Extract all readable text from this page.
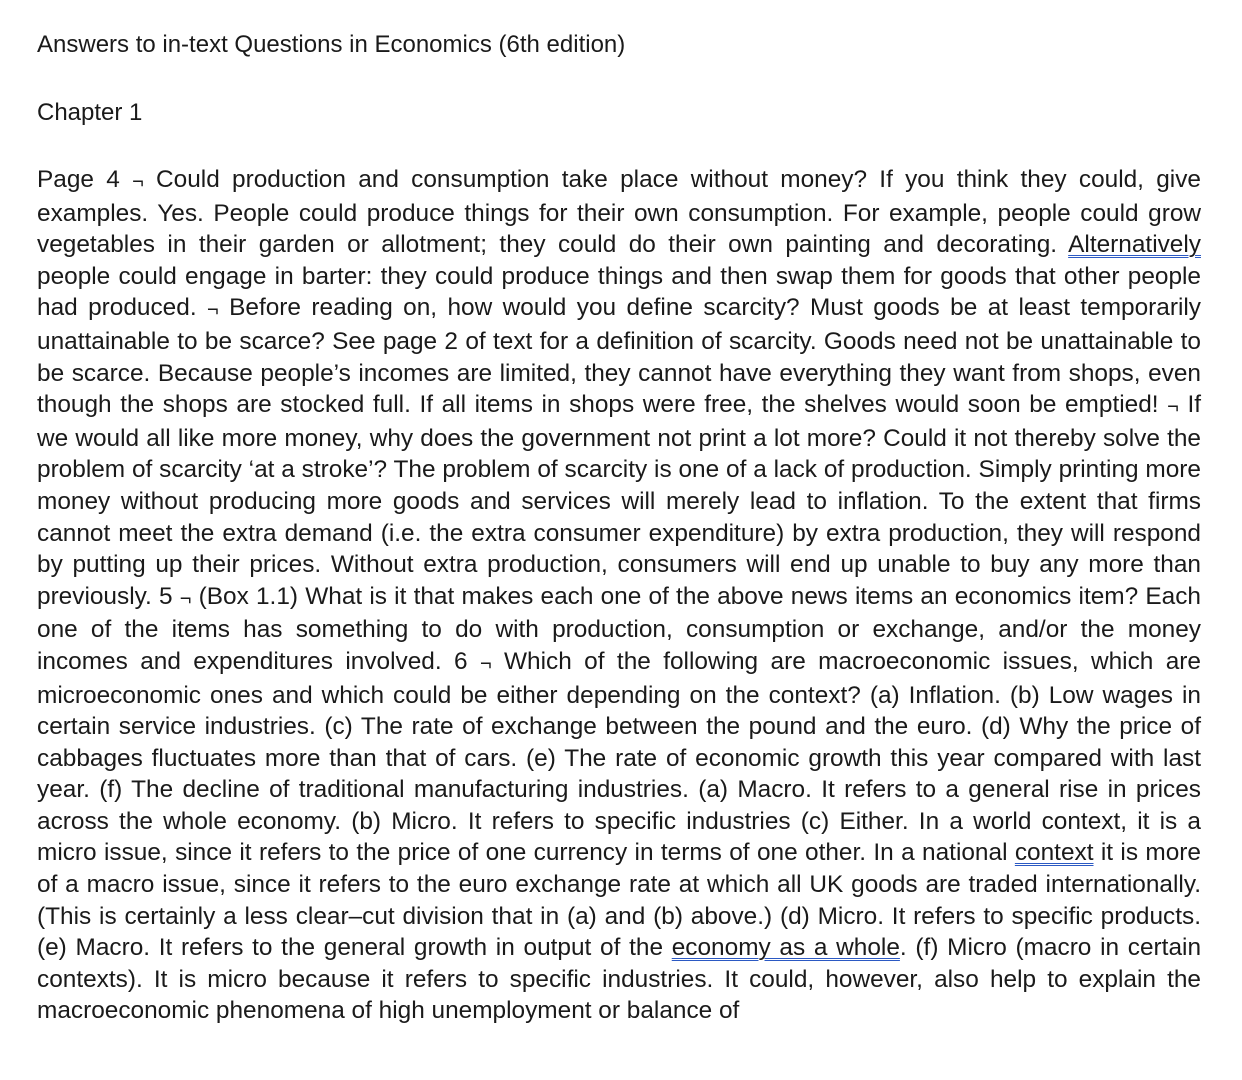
Answers to in-text Questions in Economics (6th edition)

Chapter 1

Page 4 ¬ Could production and consumption take place without money? If you think they could, give examples. Yes. People could produce things for their own consumption. For example, people could grow vegetables in their garden or allotment; they could do their own painting and decorating. Alternatively people could engage in barter: they could produce things and then swap them for goods that other people had produced. ¬ Before reading on, how would you define scarcity? Must goods be at least temporarily unattainable to be scarce? See page 2 of text for a definition of scarcity. Goods need not be unattainable to be scarce. Because people’s incomes are limited, they cannot have everything they want from shops, even though the shops are stocked full. If all items in shops were free, the shelves would soon be emptied! ¬ If we would all like more money, why does the government not print a lot more? Could it not thereby solve the problem of scarcity ‘at a stroke’? The problem of scarcity is one of a lack of production. Simply printing more money without producing more goods and services will merely lead to inflation. To the extent that firms cannot meet the extra demand (i.e. the extra consumer expenditure) by extra production, they will respond by putting up their prices. Without extra production, consumers will end up unable to buy any more than previously. 5 ¬ (Box 1.1) What is it that makes each one of the above news items an economics item? Each one of the items has something to do with production, consumption or exchange, and/or the money incomes and expenditures involved. 6 ¬ Which of the following are macroeconomic issues, which are microeconomic ones and which could be either depending on the context? (a) Inflation. (b) Low wages in certain service industries. (c) The rate of exchange between the pound and the euro. (d) Why the price of cabbages fluctuates more than that of cars. (e) The rate of economic growth this year compared with last year. (f) The decline of traditional manufacturing industries. (a) Macro. It refers to a general rise in prices across the whole economy. (b) Micro. It refers to specific industries (c) Either. In a world context, it is a micro issue, since it refers to the price of one currency in terms of one other. In a national context it is more of a macro issue, since it refers to the euro exchange rate at which all UK goods are traded internationally. (This is certainly a less clear–cut division that in (a) and (b) above.) (d) Micro. It refers to specific products. (e) Macro. It refers to the general growth in output of the economy as a whole. (f) Micro (macro in certain contexts). It is micro because it refers to specific industries. It could, however, also help to explain the macroeconomic phenomena of high unemployment or balance of
